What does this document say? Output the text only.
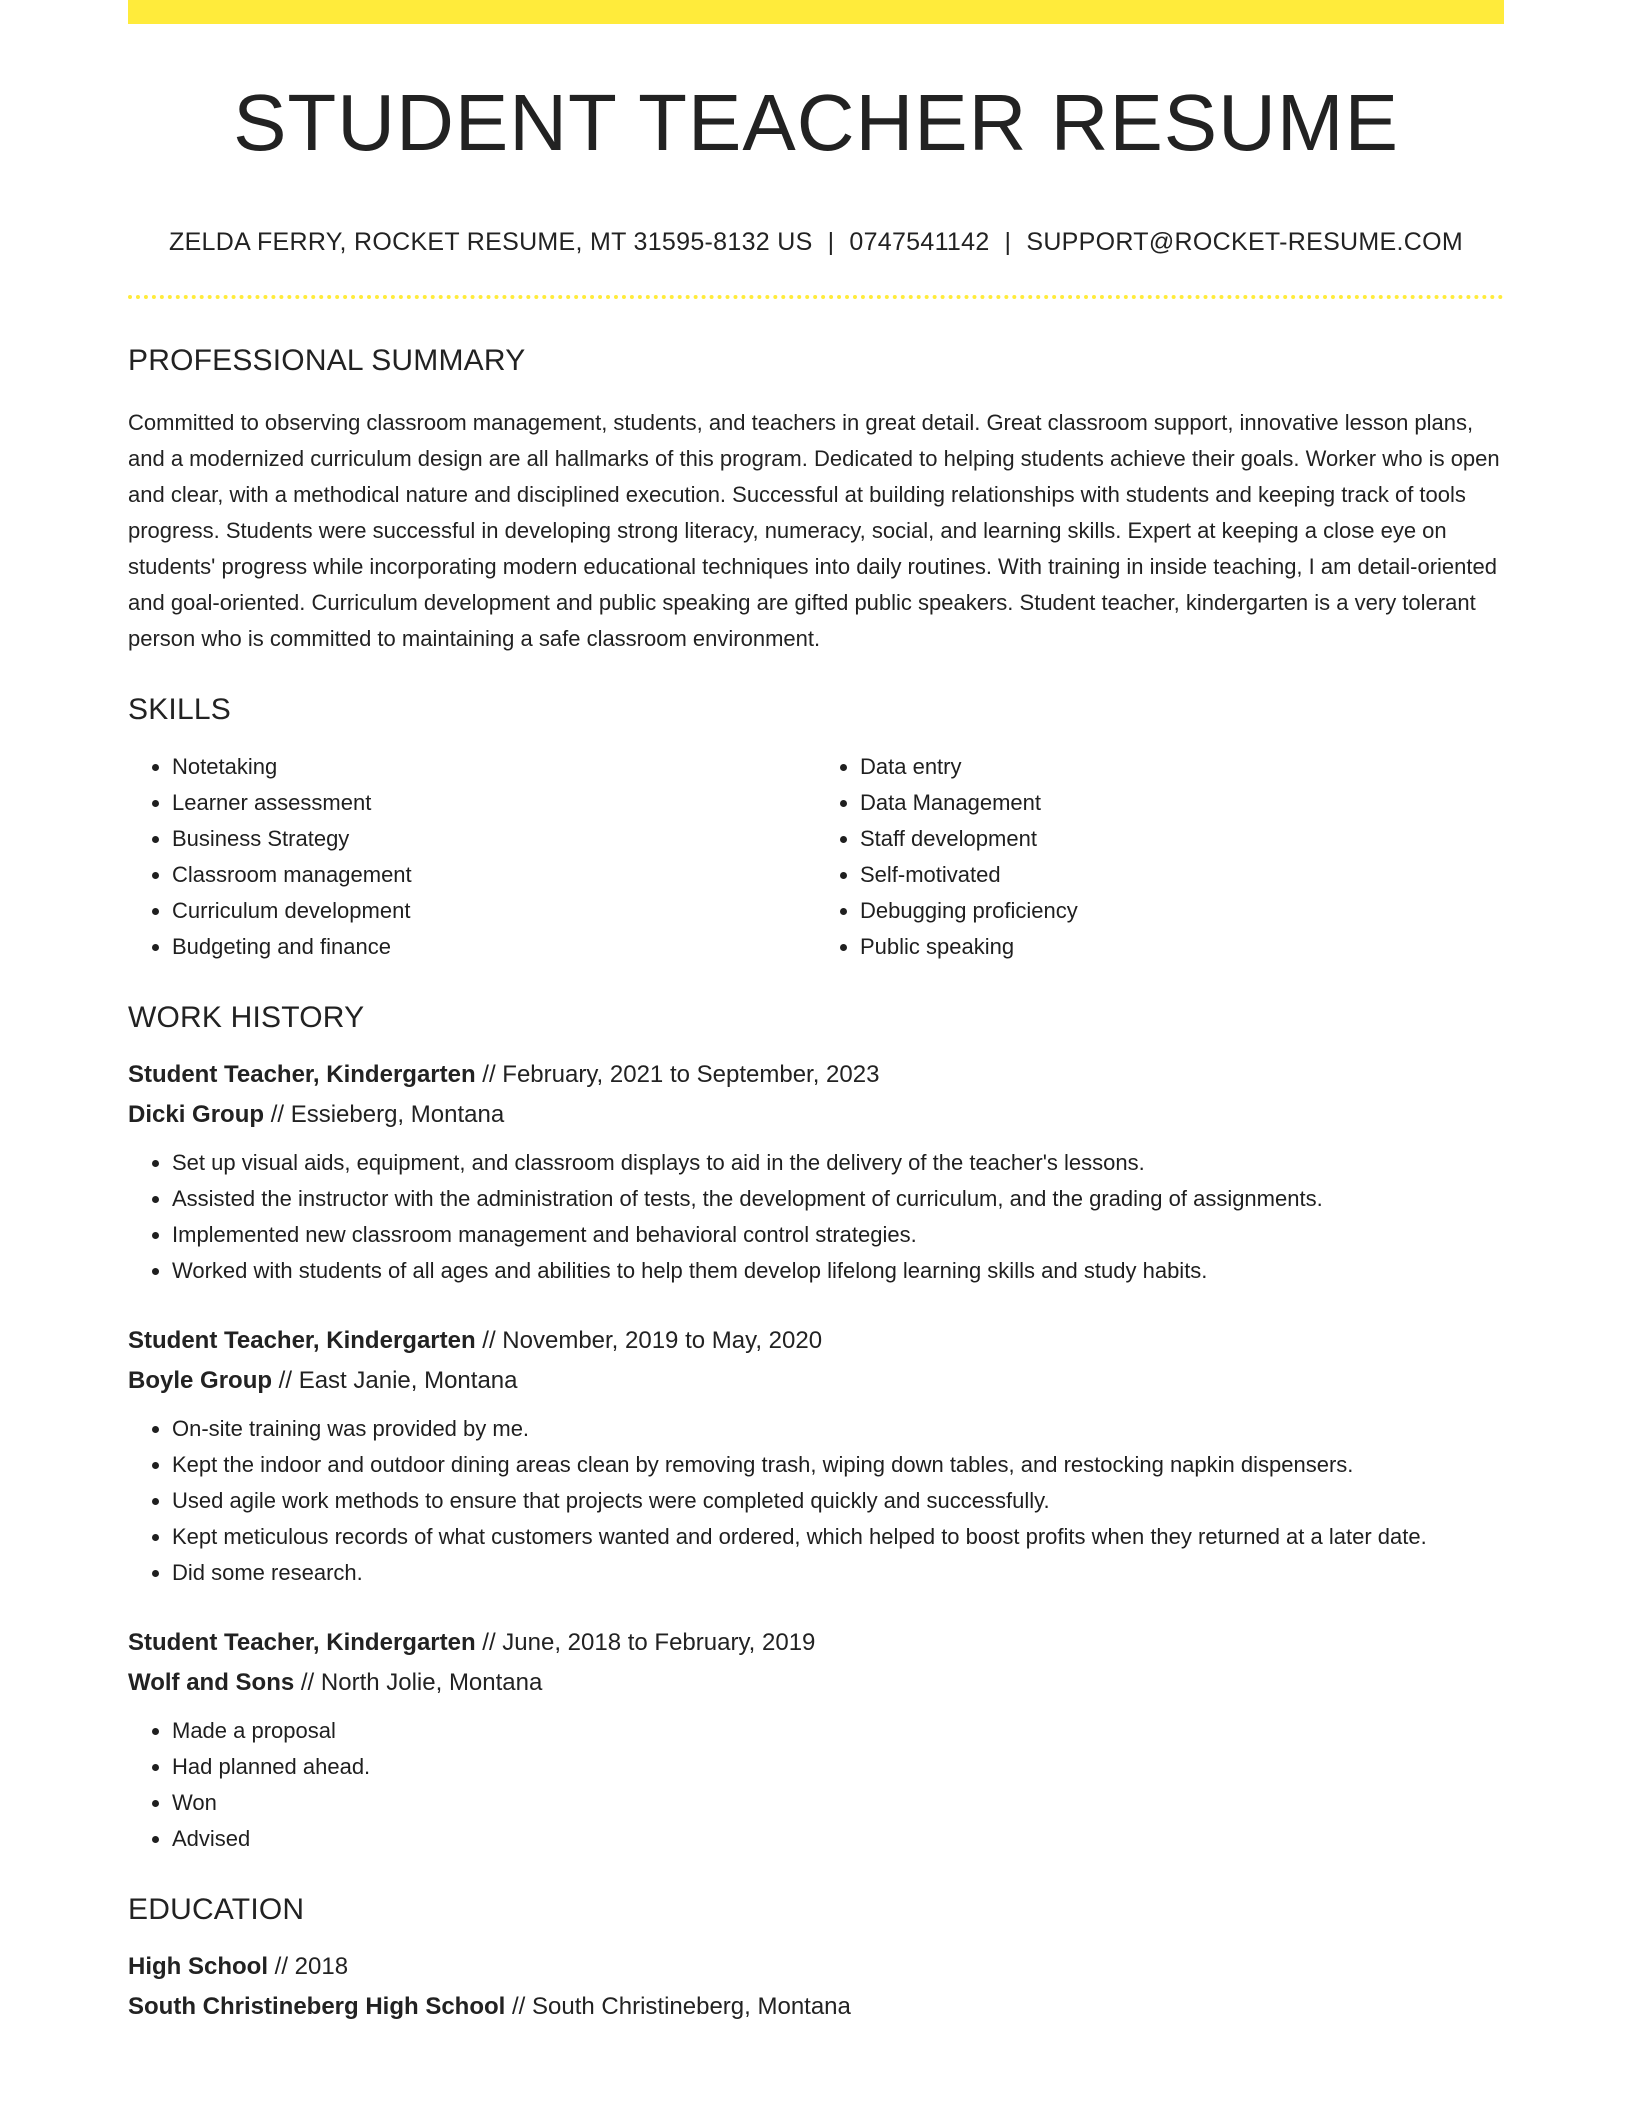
STUDENT TEACHER RESUME
ZELDA FERRY, ROCKET RESUME, MT 31595-8132 US | 0747541142 | SUPPORT@ROCKET-RESUME.COM
PROFESSIONAL SUMMARY
Committed to observing classroom management, students, and teachers in great detail. Great classroom support, innovative lesson plans, and a modernized curriculum design are all hallmarks of this program. Dedicated to helping students achieve their goals. Worker who is open and clear, with a methodical nature and disciplined execution. Successful at building relationships with students and keeping track of tools progress. Students were successful in developing strong literacy, numeracy, social, and learning skills. Expert at keeping a close eye on students' progress while incorporating modern educational techniques into daily routines. With training in inside teaching, I am detail-oriented and goal-oriented. Curriculum development and public speaking are gifted public speakers. Student teacher, kindergarten is a very tolerant person who is committed to maintaining a safe classroom environment.
SKILLS
• Notetaking
• Learner assessment
• Business Strategy
• Classroom management
• Curriculum development
• Budgeting and finance
• Data entry
• Data Management
• Staff development
• Self-motivated
• Debugging proficiency
• Public speaking
WORK HISTORY
Student Teacher, Kindergarten // February, 2021 to September, 2023
Dicki Group // Essieberg, Montana
• Set up visual aids, equipment, and classroom displays to aid in the delivery of the teacher's lessons.
• Assisted the instructor with the administration of tests, the development of curriculum, and the grading of assignments.
• Implemented new classroom management and behavioral control strategies.
• Worked with students of all ages and abilities to help them develop lifelong learning skills and study habits.
Student Teacher, Kindergarten // November, 2019 to May, 2020
Boyle Group // East Janie, Montana
• On-site training was provided by me.
• Kept the indoor and outdoor dining areas clean by removing trash, wiping down tables, and restocking napkin dispensers.
• Used agile work methods to ensure that projects were completed quickly and successfully.
• Kept meticulous records of what customers wanted and ordered, which helped to boost profits when they returned at a later date.
• Did some research.
Student Teacher, Kindergarten // June, 2018 to February, 2019
Wolf and Sons // North Jolie, Montana
• Made a proposal
• Had planned ahead.
• Won
• Advised
EDUCATION
High School // 2018
South Christineberg High School // South Christineberg, Montana
